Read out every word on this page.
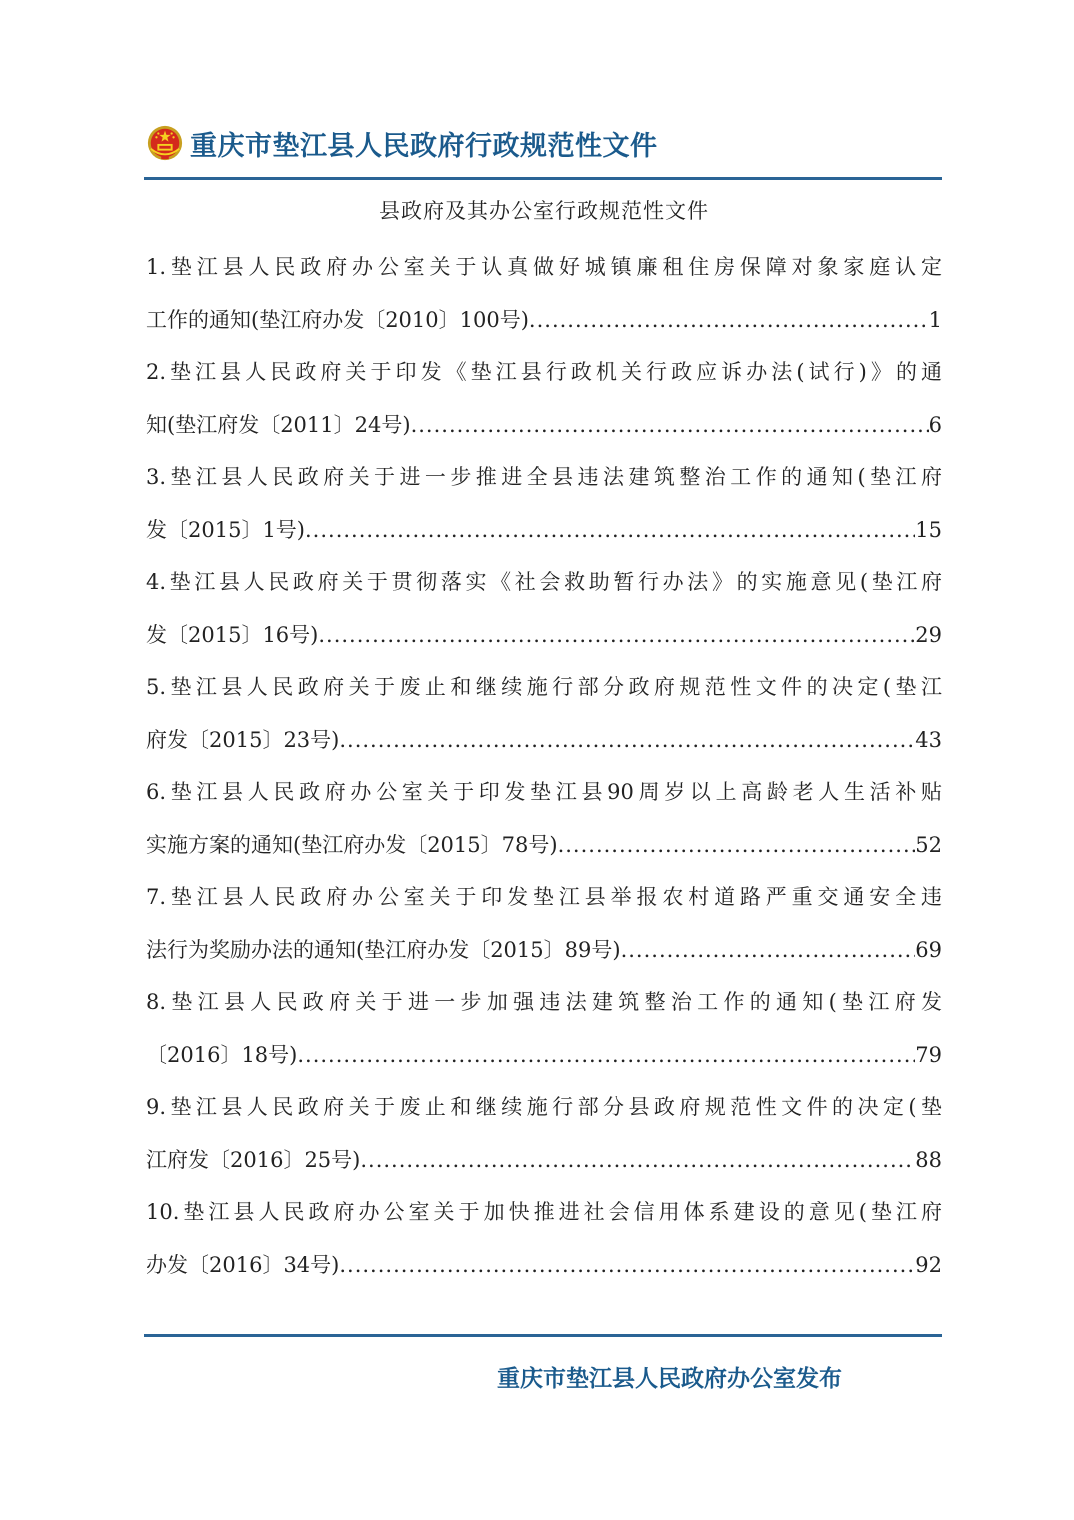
重庆市垫江县人民政府行政规范性文件
县政府及其办公室行政规范性文件
1.垫江县人民政府办公室关于认真做好城镇廉租住房保障对象家庭认定
工作的通知(垫江府办发〔2010〕100号) .....	1
2.垫江县人民政府关于印发《垫江县行政机关行政应诉办法(试行)》的通
知(垫江府发〔2011〕24号) .....	6
3.垫江县人民政府关于进一步推进全县违法建筑整治工作的通知(垫江府
发〔2015〕1号) .....	15
4.垫江县人民政府关于贯彻落实《社会救助暂行办法》的实施意见(垫江府
发〔2015〕16号) .....	29
5.垫江县人民政府关于废止和继续施行部分政府规范性文件的决定(垫江
府发〔2015〕23号) .....	43
6.垫江县人民政府办公室关于印发垫江县90周岁以上高龄老人生活补贴
实施方案的通知(垫江府办发〔2015〕78号) .....	52
7.垫江县人民政府办公室关于印发垫江县举报农村道路严重交通安全违
法行为奖励办法的通知(垫江府办发〔2015〕89号) .....	69
8.垫江县人民政府关于进一步加强违法建筑整治工作的通知(垫江府发
〔2016〕18号) .....	79
9.垫江县人民政府关于废止和继续施行部分县政府规范性文件的决定(垫
江府发〔2016〕25号) .....	88
10.垫江县人民政府办公室关于加快推进社会信用体系建设的意见(垫江府
办发〔2016〕34号) .....	92
重庆市垫江县人民政府办公室发布
